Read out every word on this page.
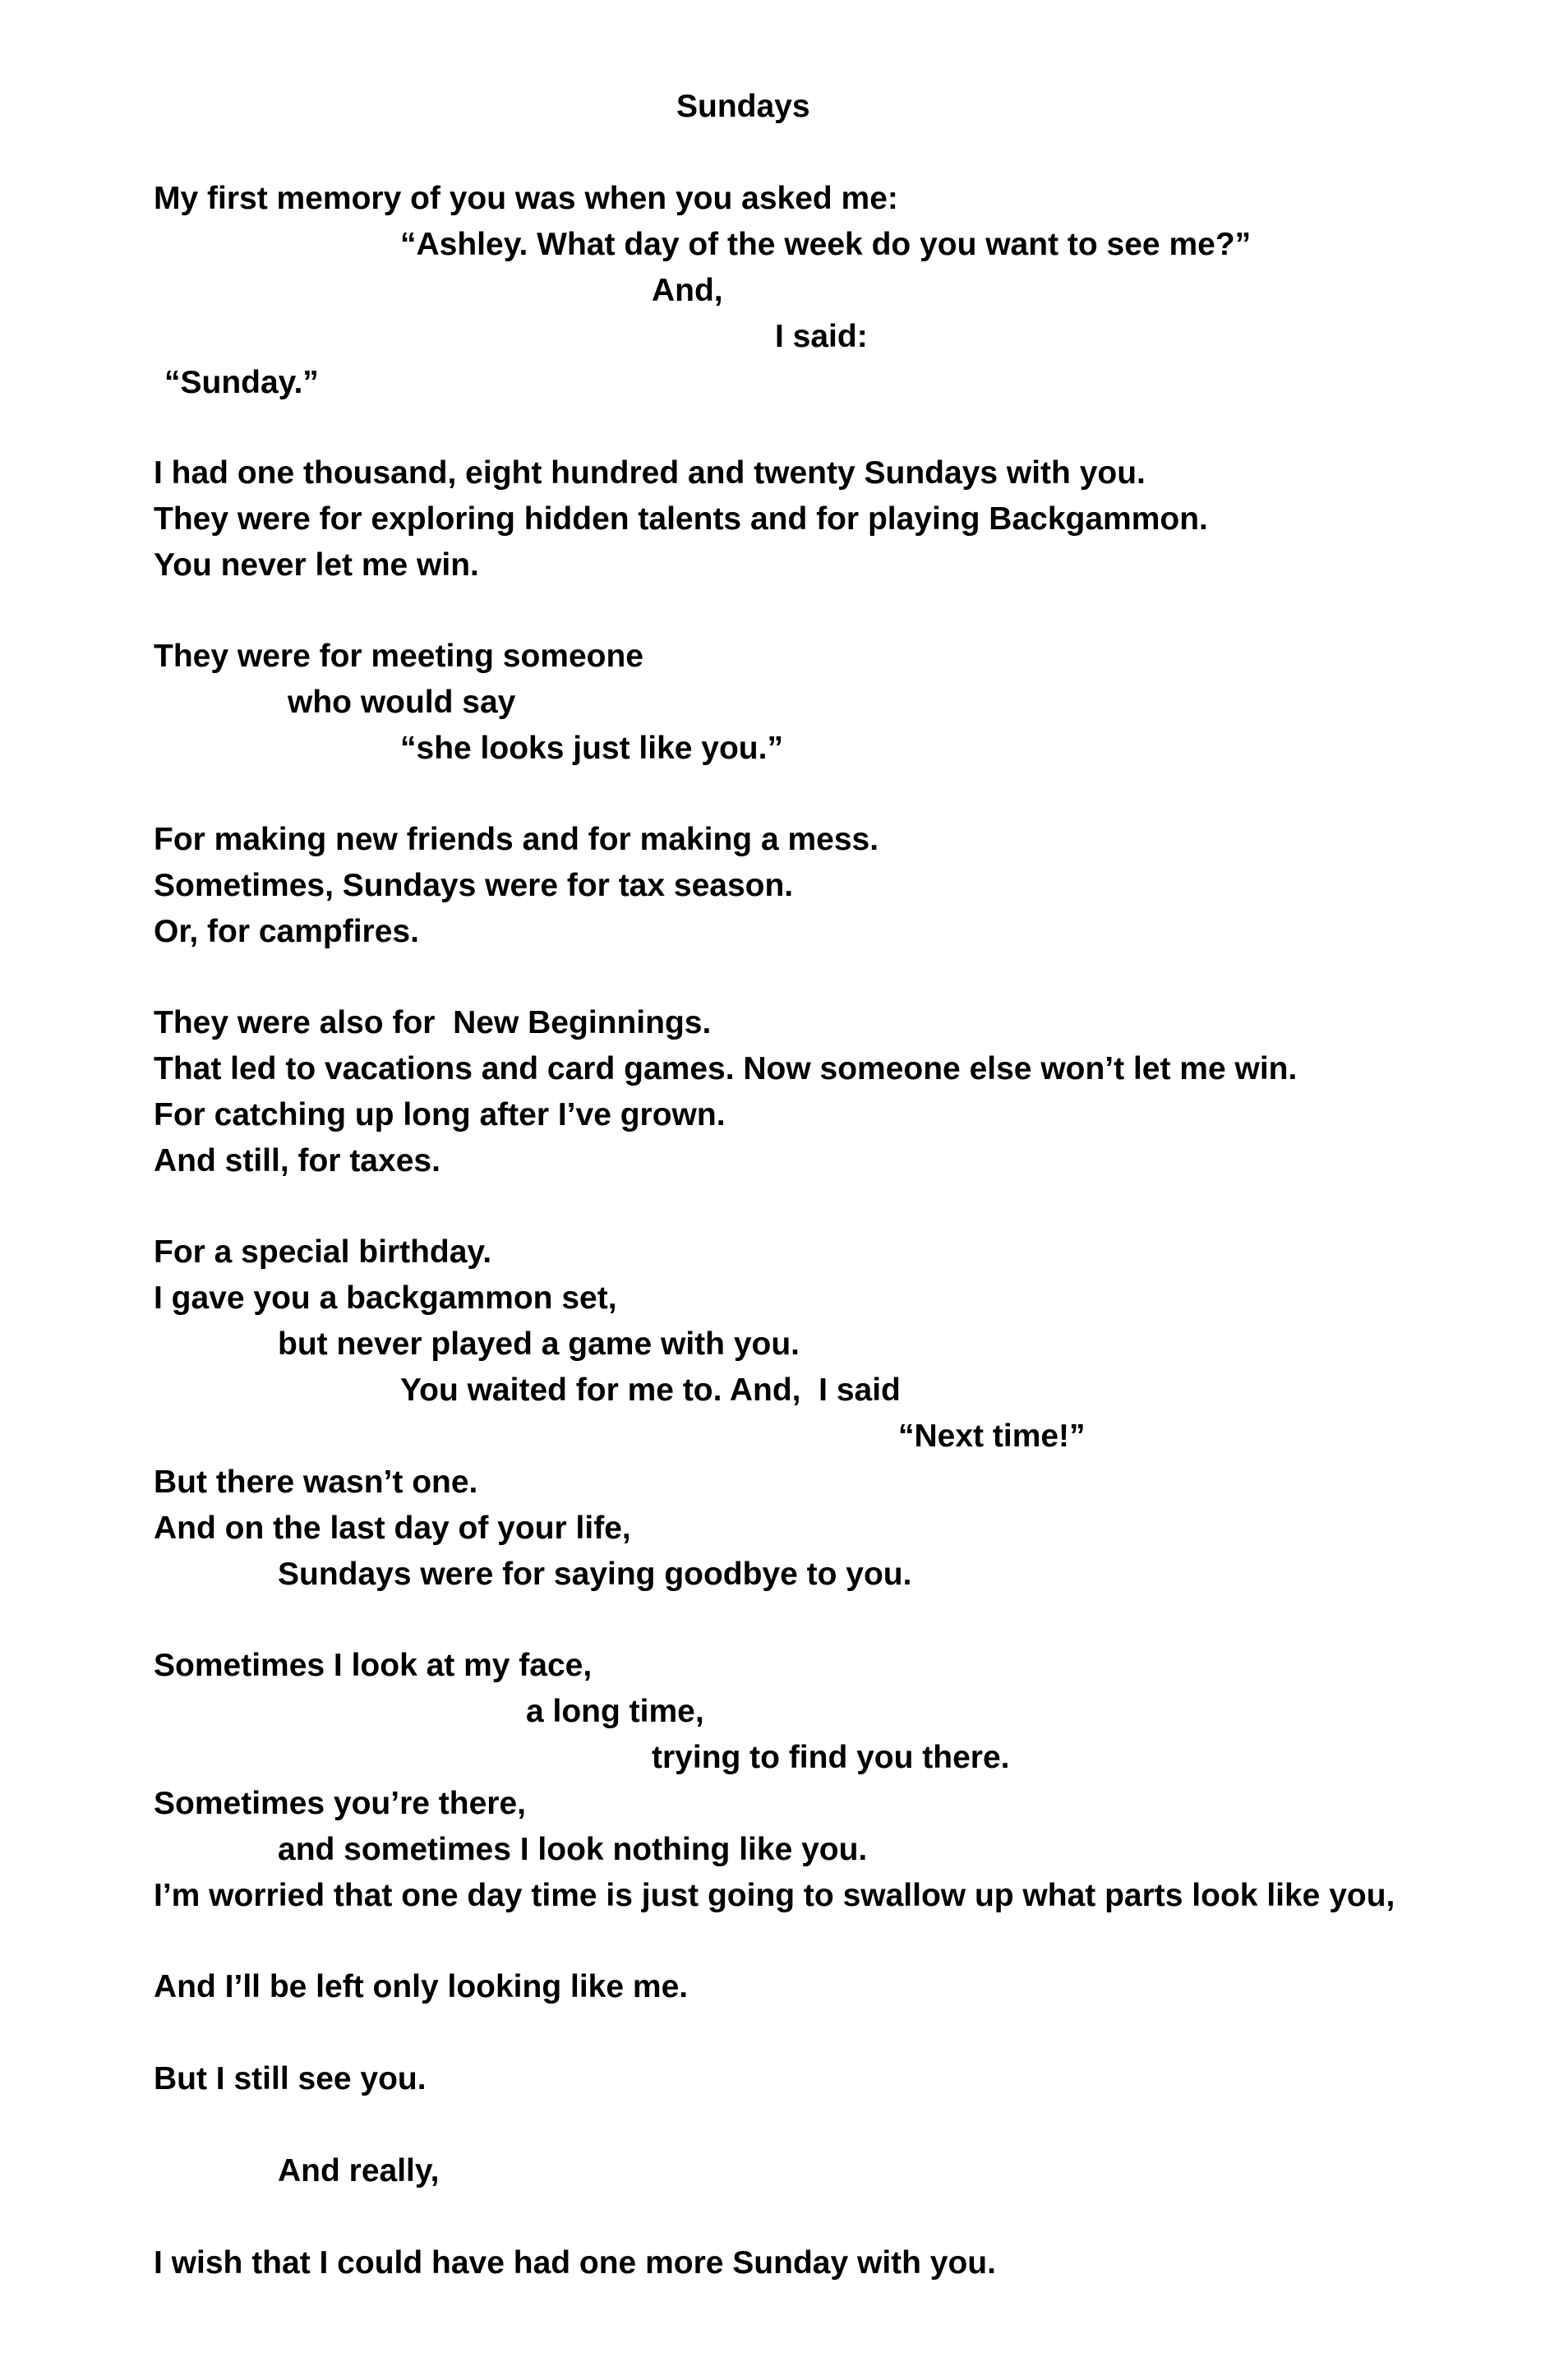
Sundays

My first memory of you was when you asked me:

“Ashley. What day of the week do you want to see me?”

And,

I said:

“Sunday.”

I had one thousand, eight hundred and twenty Sundays with you.

They were for exploring hidden talents and for playing Backgammon.

You never let me win.

They were for meeting someone

who would say

“she looks just like you.”

For making new friends and for making a mess.

Sometimes, Sundays were for tax season.

Or, for campfires.

They were also for  New Beginnings.

That led to vacations and card games. Now someone else won’t let me win.

For catching up long after I’ve grown.

And still, for taxes.

For a special birthday.

I gave you a backgammon set,

but never played a game with you.

You waited for me to. And,  I said

“Next time!”

But there wasn’t one.

And on the last day of your life,

Sundays were for saying goodbye to you.

Sometimes I look at my face,

a long time,

trying to find you there.

Sometimes you’re there,

and sometimes I look nothing like you.

I’m worried that one day time is just going to swallow up what parts look like you,

And I’ll be left only looking like me.

But I still see you.

And really,

I wish that I could have had one more Sunday with you.
